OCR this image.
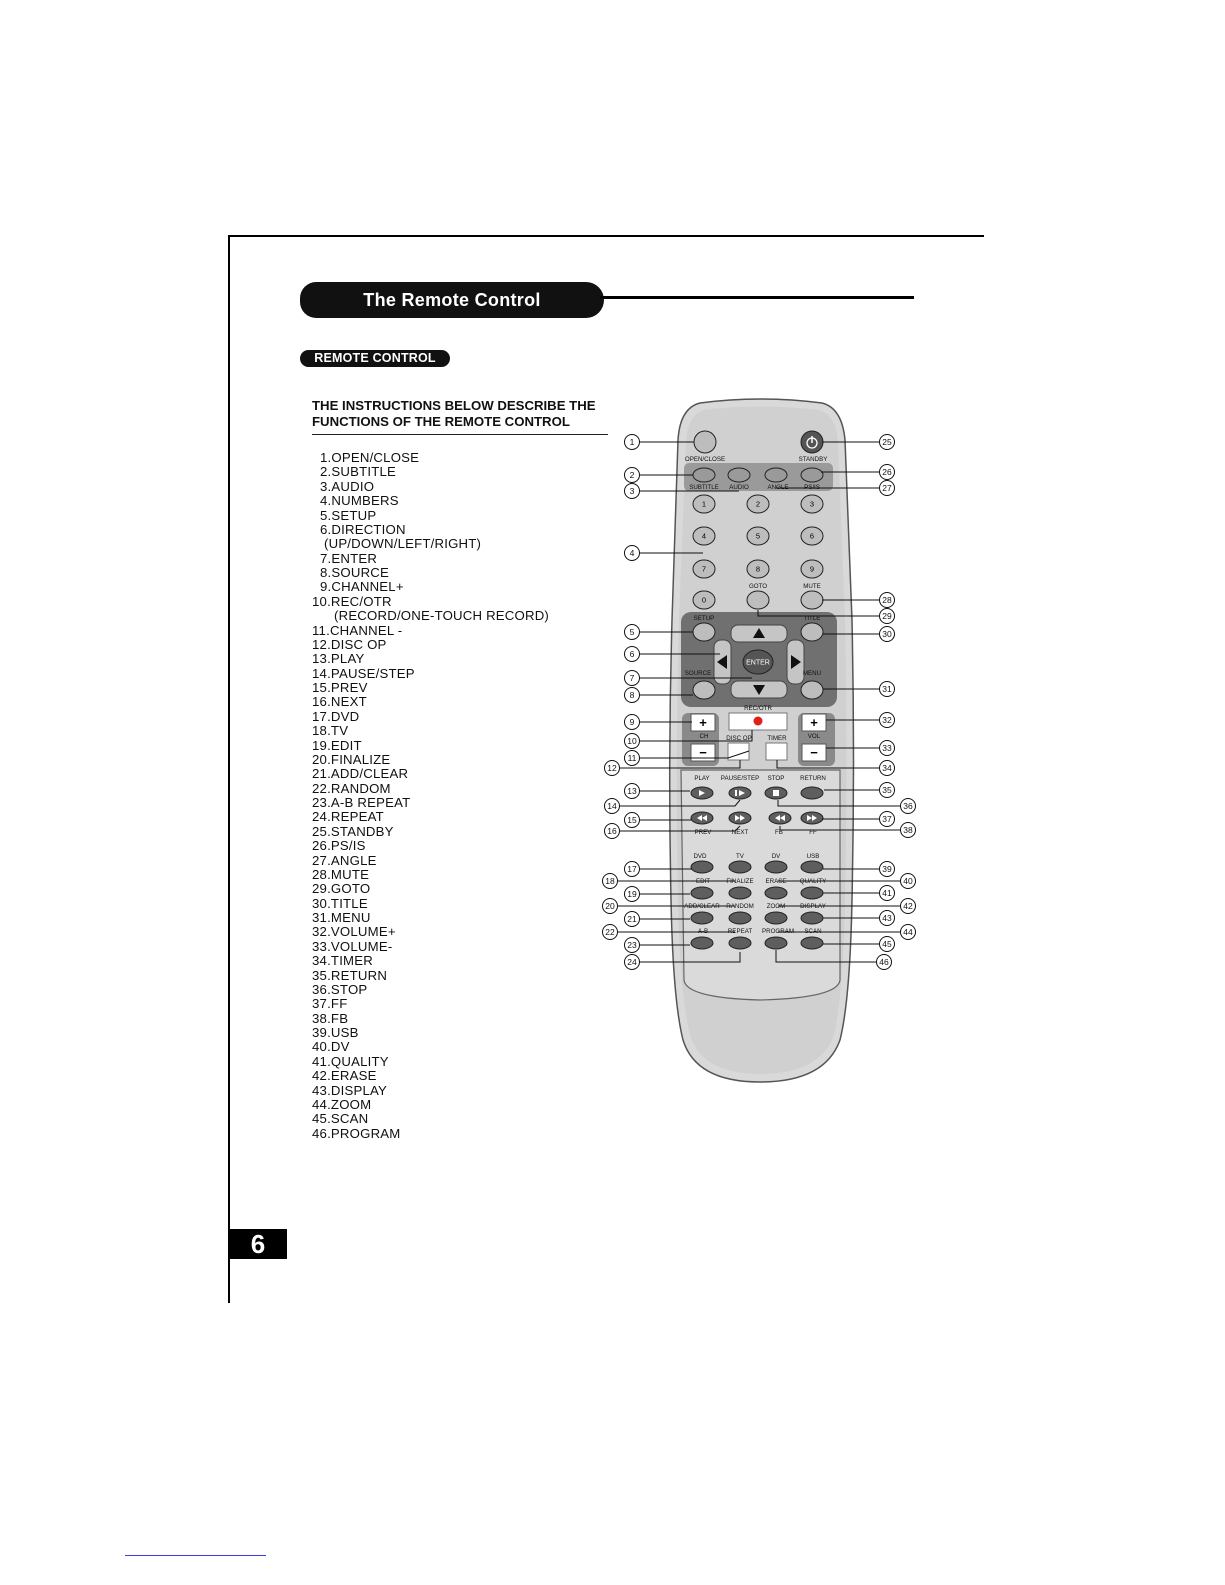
The Remote Control
REMOTE CONTROL
THE INSTRUCTIONS BELOW DESCRIBE THE
FUNCTIONS OF THE REMOTE CONTROL
1.OPEN/CLOSE
2.SUBTITLE
3.AUDIO
4.NUMBERS
5.SETUP
6.DIRECTION
(UP/DOWN/LEFT/RIGHT)
7.ENTER
8.SOURCE
9.CHANNEL+
10.REC/OTR
(RECORD/ONE-TOUCH RECORD)
11.CHANNEL -
12.DISC OP
13.PLAY
14.PAUSE/STEP
15.PREV
16.NEXT
17.DVD
18.TV
19.EDIT
20.FINALIZE
21.ADD/CLEAR
22.RANDOM
23.A-B REPEAT
24.REPEAT
25.STANDBY
26.PS/IS
27.ANGLE
28.MUTE
29.GOTO
30.TITLE
31.MENU
32.VOLUME+
33.VOLUME-
34.TIMER
35.RETURN
36.STOP
37.FF
38.FB
39.USB
40.DV
41.QUALITY
42.ERASE
43.DISPLAY
44.ZOOM
45.SCAN
46.PROGRAM
+
−
+
−
ENTER
1	2	3
4	5	6
7	8	9
0
OPEN/CLOSE	STANDBY
SUBTITLE AUDIO	ANGLE	PS/IS
GOTO	MUTE
SETUP	TITLE
SOURCE	MENU
PLAY PAUSE/STEP STOP	RETURN
PREV	NEXT	FB	FF
DVD	TV	DV	USB
EDIT	FINALIZE ERASE QUALITY
ADD/CLEAR RANDOM ZOOM DISPLAY
A-B	REPEAT PROGRAM SCAN
REC/OTR
CH	VOL
DISC OP	TIMER
1
2
3
4
5
6
7
8
9
10
11
12
13
14
15
16
17
18
19
20
21
22
23
24
25
26
27
28
29
30
31
32
33
34
35
36
37
38
39
40
41
42
43
44
45
46
6
